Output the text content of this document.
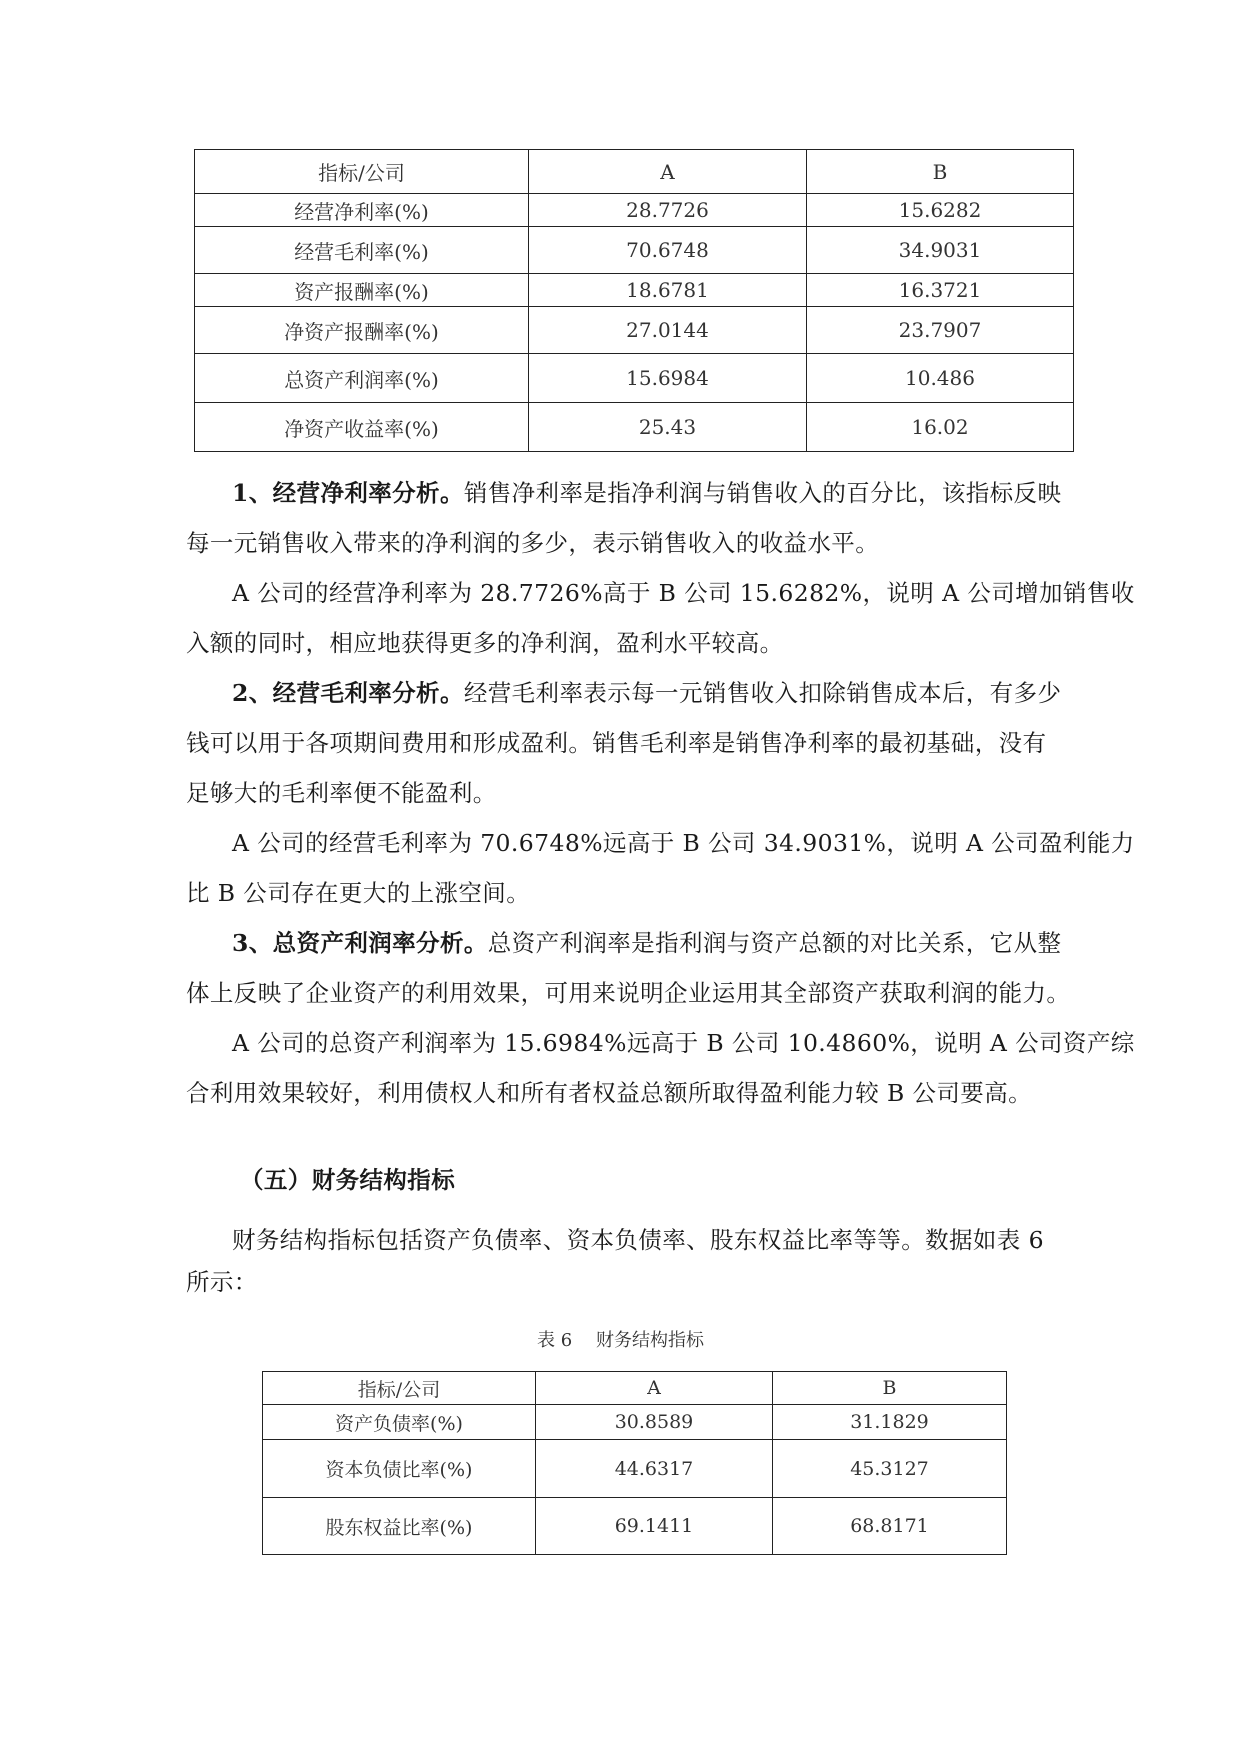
指标/公司	A	B
经营净利率(%)	28.7726	15.6282
经营毛利率(%)	70.6748	34.9031
资产报酬率(%)	18.6781	16.3721
净资产报酬率(%)	27.0144	23.7907
总资产利润率(%)	15.6984	10.486
净资产收益率(%)	25.43	16.02
1、经营净利率分析。销售净利率是指净利润与销售收入的百分比，该指标反映
每一元销售收入带来的净利润的多少，表示销售收入的收益水平。
A 公司的经营净利率为 28.7726%高于 B 公司 15.6282%，说明 A 公司增加销售收
入额的同时，相应地获得更多的净利润，盈利水平较高。
2、经营毛利率分析。经营毛利率表示每一元销售收入扣除销售成本后，有多少
钱可以用于各项期间费用和形成盈利。销售毛利率是销售净利率的最初基础，没有
足够大的毛利率便不能盈利。
A 公司的经营毛利率为 70.6748%远高于 B 公司 34.9031%，说明 A 公司盈利能力
比 B 公司存在更大的上涨空间。
3、总资产利润率分析。总资产利润率是指利润与资产总额的对比关系，它从整
体上反映了企业资产的利用效果，可用来说明企业运用其全部资产获取利润的能力。
A 公司的总资产利润率为 15.6984%远高于 B 公司 10.4860%，说明 A 公司资产综
合利用效果较好，利用债权人和所有者权益总额所取得盈利能力较 B 公司要高。
（五）财务结构指标
财务结构指标包括资产负债率、资本负债率、股东权益比率等等。数据如表 6
所示：
表 6　 财务结构指标
指标/公司	A	B
资产负债率(%)	30.8589	31.1829
资本负债比率(%)	44.6317	45.3127
股东权益比率(%)	69.1411	68.8171
